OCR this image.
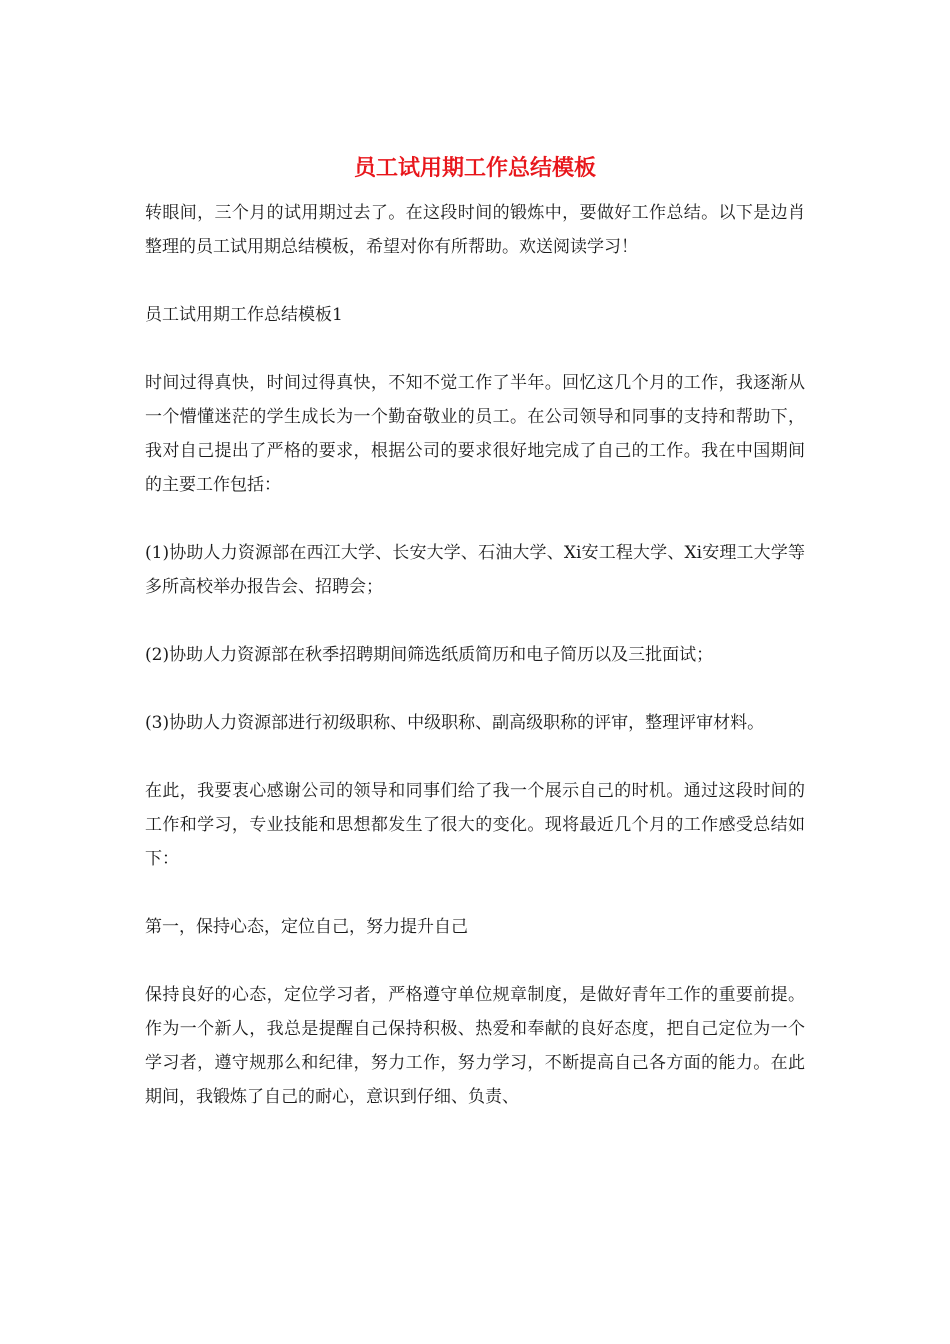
员工试用期工作总结模板

转眼间，三个月的试用期过去了。在这段时间的锻炼中，要做好工作总结。以下是边肖整理的员工试用期总结模板，希望对你有所帮助。欢送阅读学习！

员工试用期工作总结模板1

时间过得真快，时间过得真快，不知不觉工作了半年。回忆这几个月的工作，我逐渐从一个懵懂迷茫的学生成长为一个勤奋敬业的员工。在公司领导和同事的支持和帮助下，我对自己提出了严格的要求，根据公司的要求很好地完成了自己的工作。我在中国期间的主要工作包括：

(1)协助人力资源部在西江大学、长安大学、石油大学、Xi安工程大学、Xi安理工大学等多所高校举办报告会、招聘会；

(2)协助人力资源部在秋季招聘期间筛选纸质简历和电子简历以及三批面试；

(3)协助人力资源部进行初级职称、中级职称、副高级职称的评审，整理评审材料。

在此，我要衷心感谢公司的领导和同事们给了我一个展示自己的时机。通过这段时间的工作和学习，专业技能和思想都发生了很大的变化。现将最近几个月的工作感受总结如下：

第一，保持心态，定位自己，努力提升自己

保持良好的心态，定位学习者，严格遵守单位规章制度，是做好青年工作的重要前提。作为一个新人，我总是提醒自己保持积极、热爱和奉献的良好态度，把自己定位为一个学习者，遵守规那么和纪律，努力工作，努力学习，不断提高自己各方面的能力。在此期间，我锻炼了自己的耐心，意识到仔细、负责、
